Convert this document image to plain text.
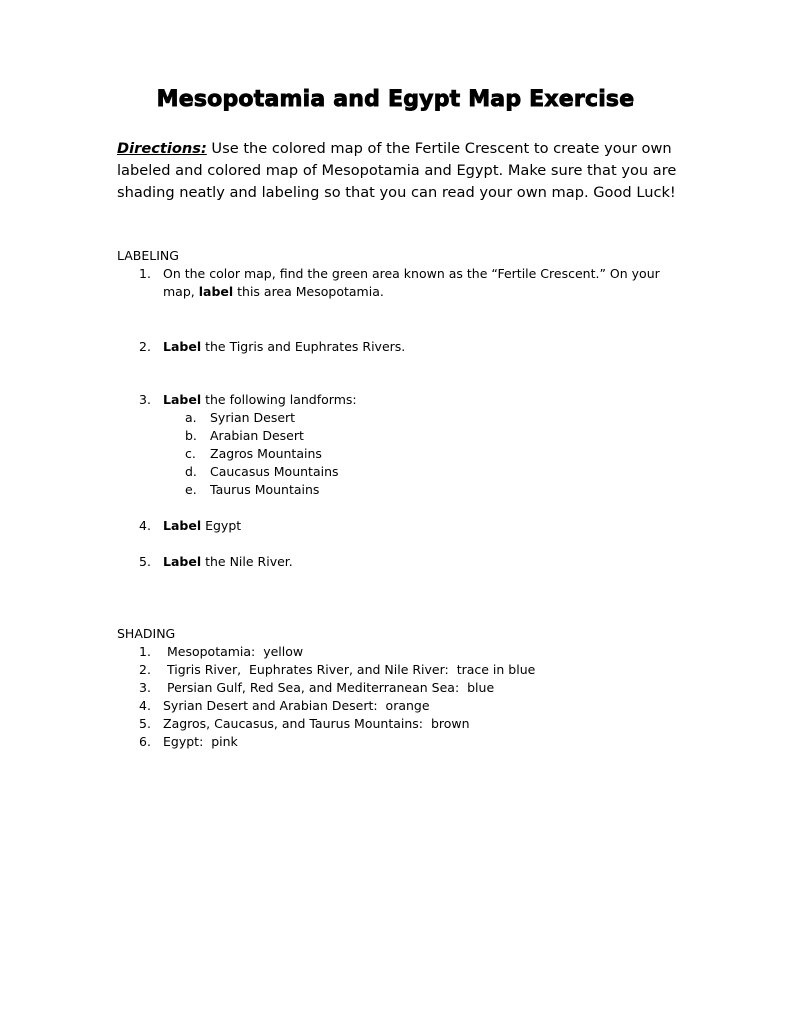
Mesopotamia and Egypt Map Exercise
Directions: Use the colored map of the Fertile Crescent to create your own labeled and colored map of Mesopotamia and Egypt. Make sure that you are shading neatly and labeling so that you can read your own map. Good Luck!
LABELING
1. On the color map, find the green area known as the “Fertile Crescent.” On your map, label this area Mesopotamia.
2. Label the Tigris and Euphrates Rivers.
3. Label the following landforms:
a. Syrian Desert
b. Arabian Desert
c. Zagros Mountains
d. Caucasus Mountains
e. Taurus Mountains
4. Label Egypt
5. Label the Nile River.
SHADING
1. Mesopotamia:  yellow
2. Tigris River,  Euphrates River, and Nile River:  trace in blue
3. Persian Gulf, Red Sea, and Mediterranean Sea:  blue
4. Syrian Desert and Arabian Desert:  orange
5. Zagros, Caucasus, and Taurus Mountains:  brown
6. Egypt:  pink
